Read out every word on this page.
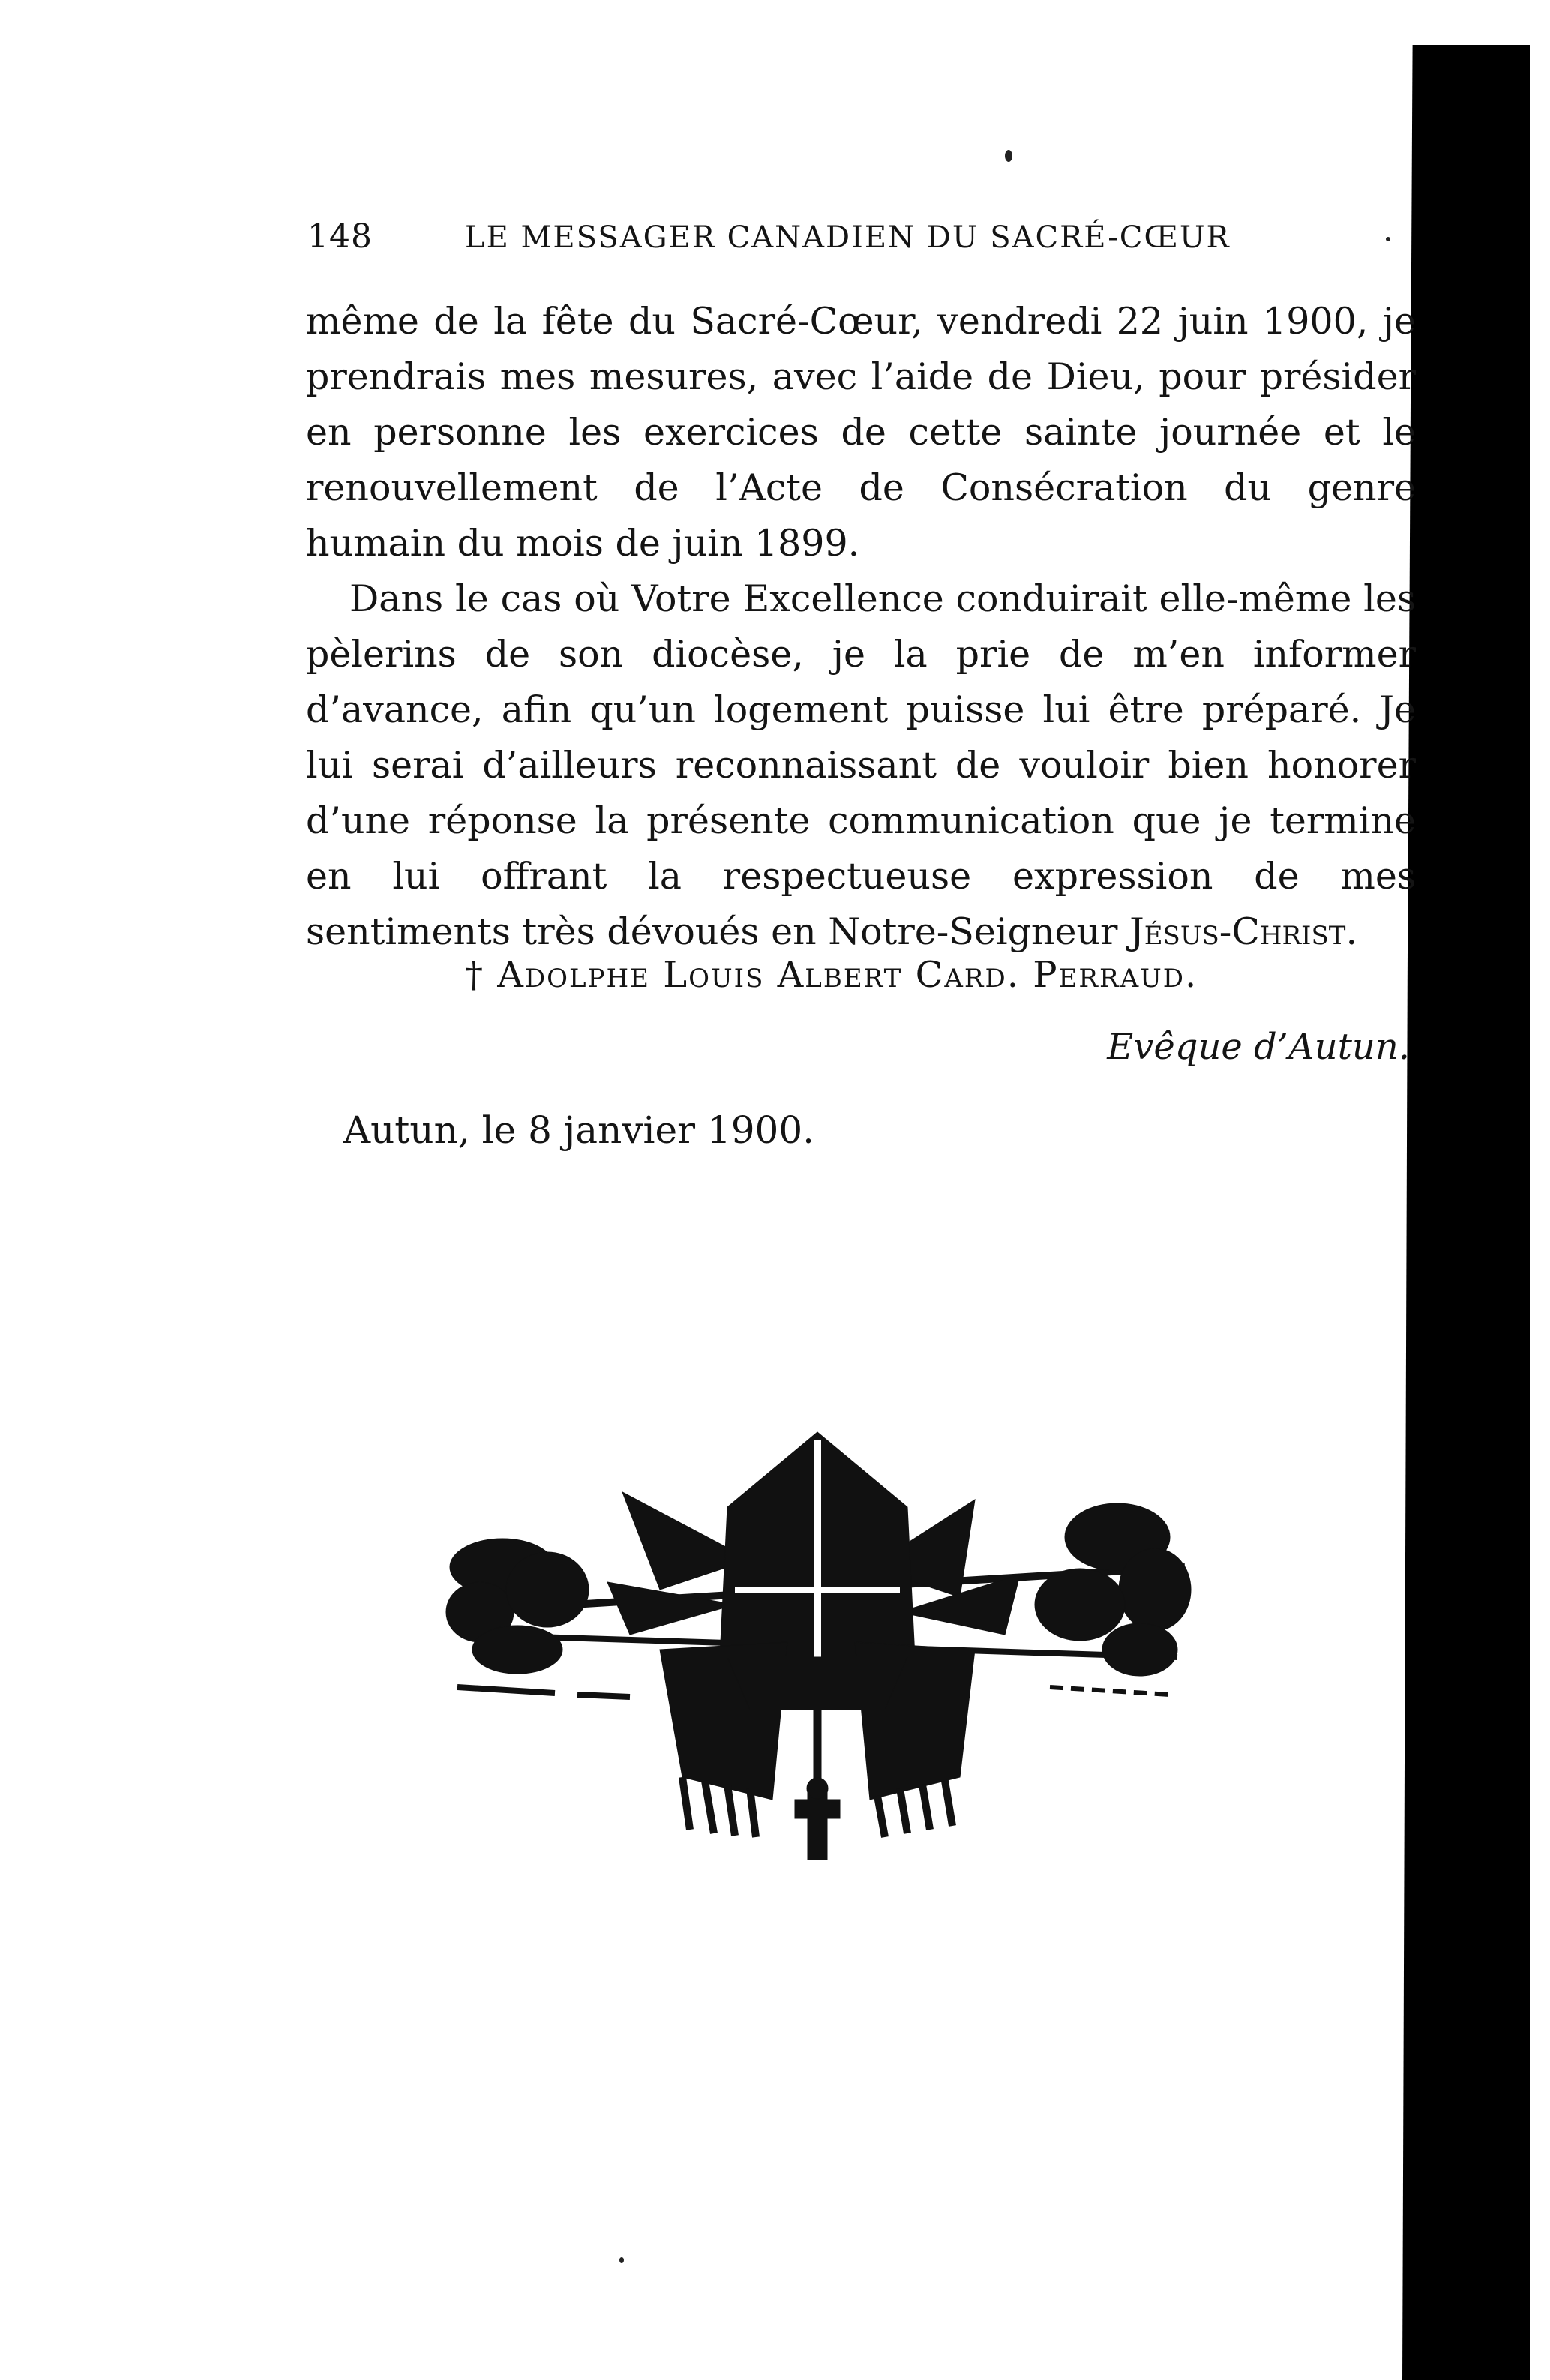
148	LE MESSAGER CANADIEN DU SACRÉ-CŒUR

même de la fête du Sacré-Cœur, vendredi 22 juin 1900, je prendrais mes mesures, avec l’aide de Dieu, pour présider en personne les exercices de cette sainte journée et le renouvellement de l’Acte de Consécration du genre humain du mois de juin 1899.

Dans le cas où Votre Excellence conduirait elle-même les pèlerins de son diocèse, je la prie de m’en informer d’avance, afin qu’un logement puisse lui être préparé. Je lui serai d’ailleurs reconnaissant de vouloir bien honorer d’une réponse la présente communication que je termine en lui offrant la respectueuse expression de mes sentiments très dévoués en Notre-Seigneur Jésus-Christ.

† Adolphe Louis Albert Card. Perraud.
Evêque d’Autun.
Autun, le 8 janvier 1900.
